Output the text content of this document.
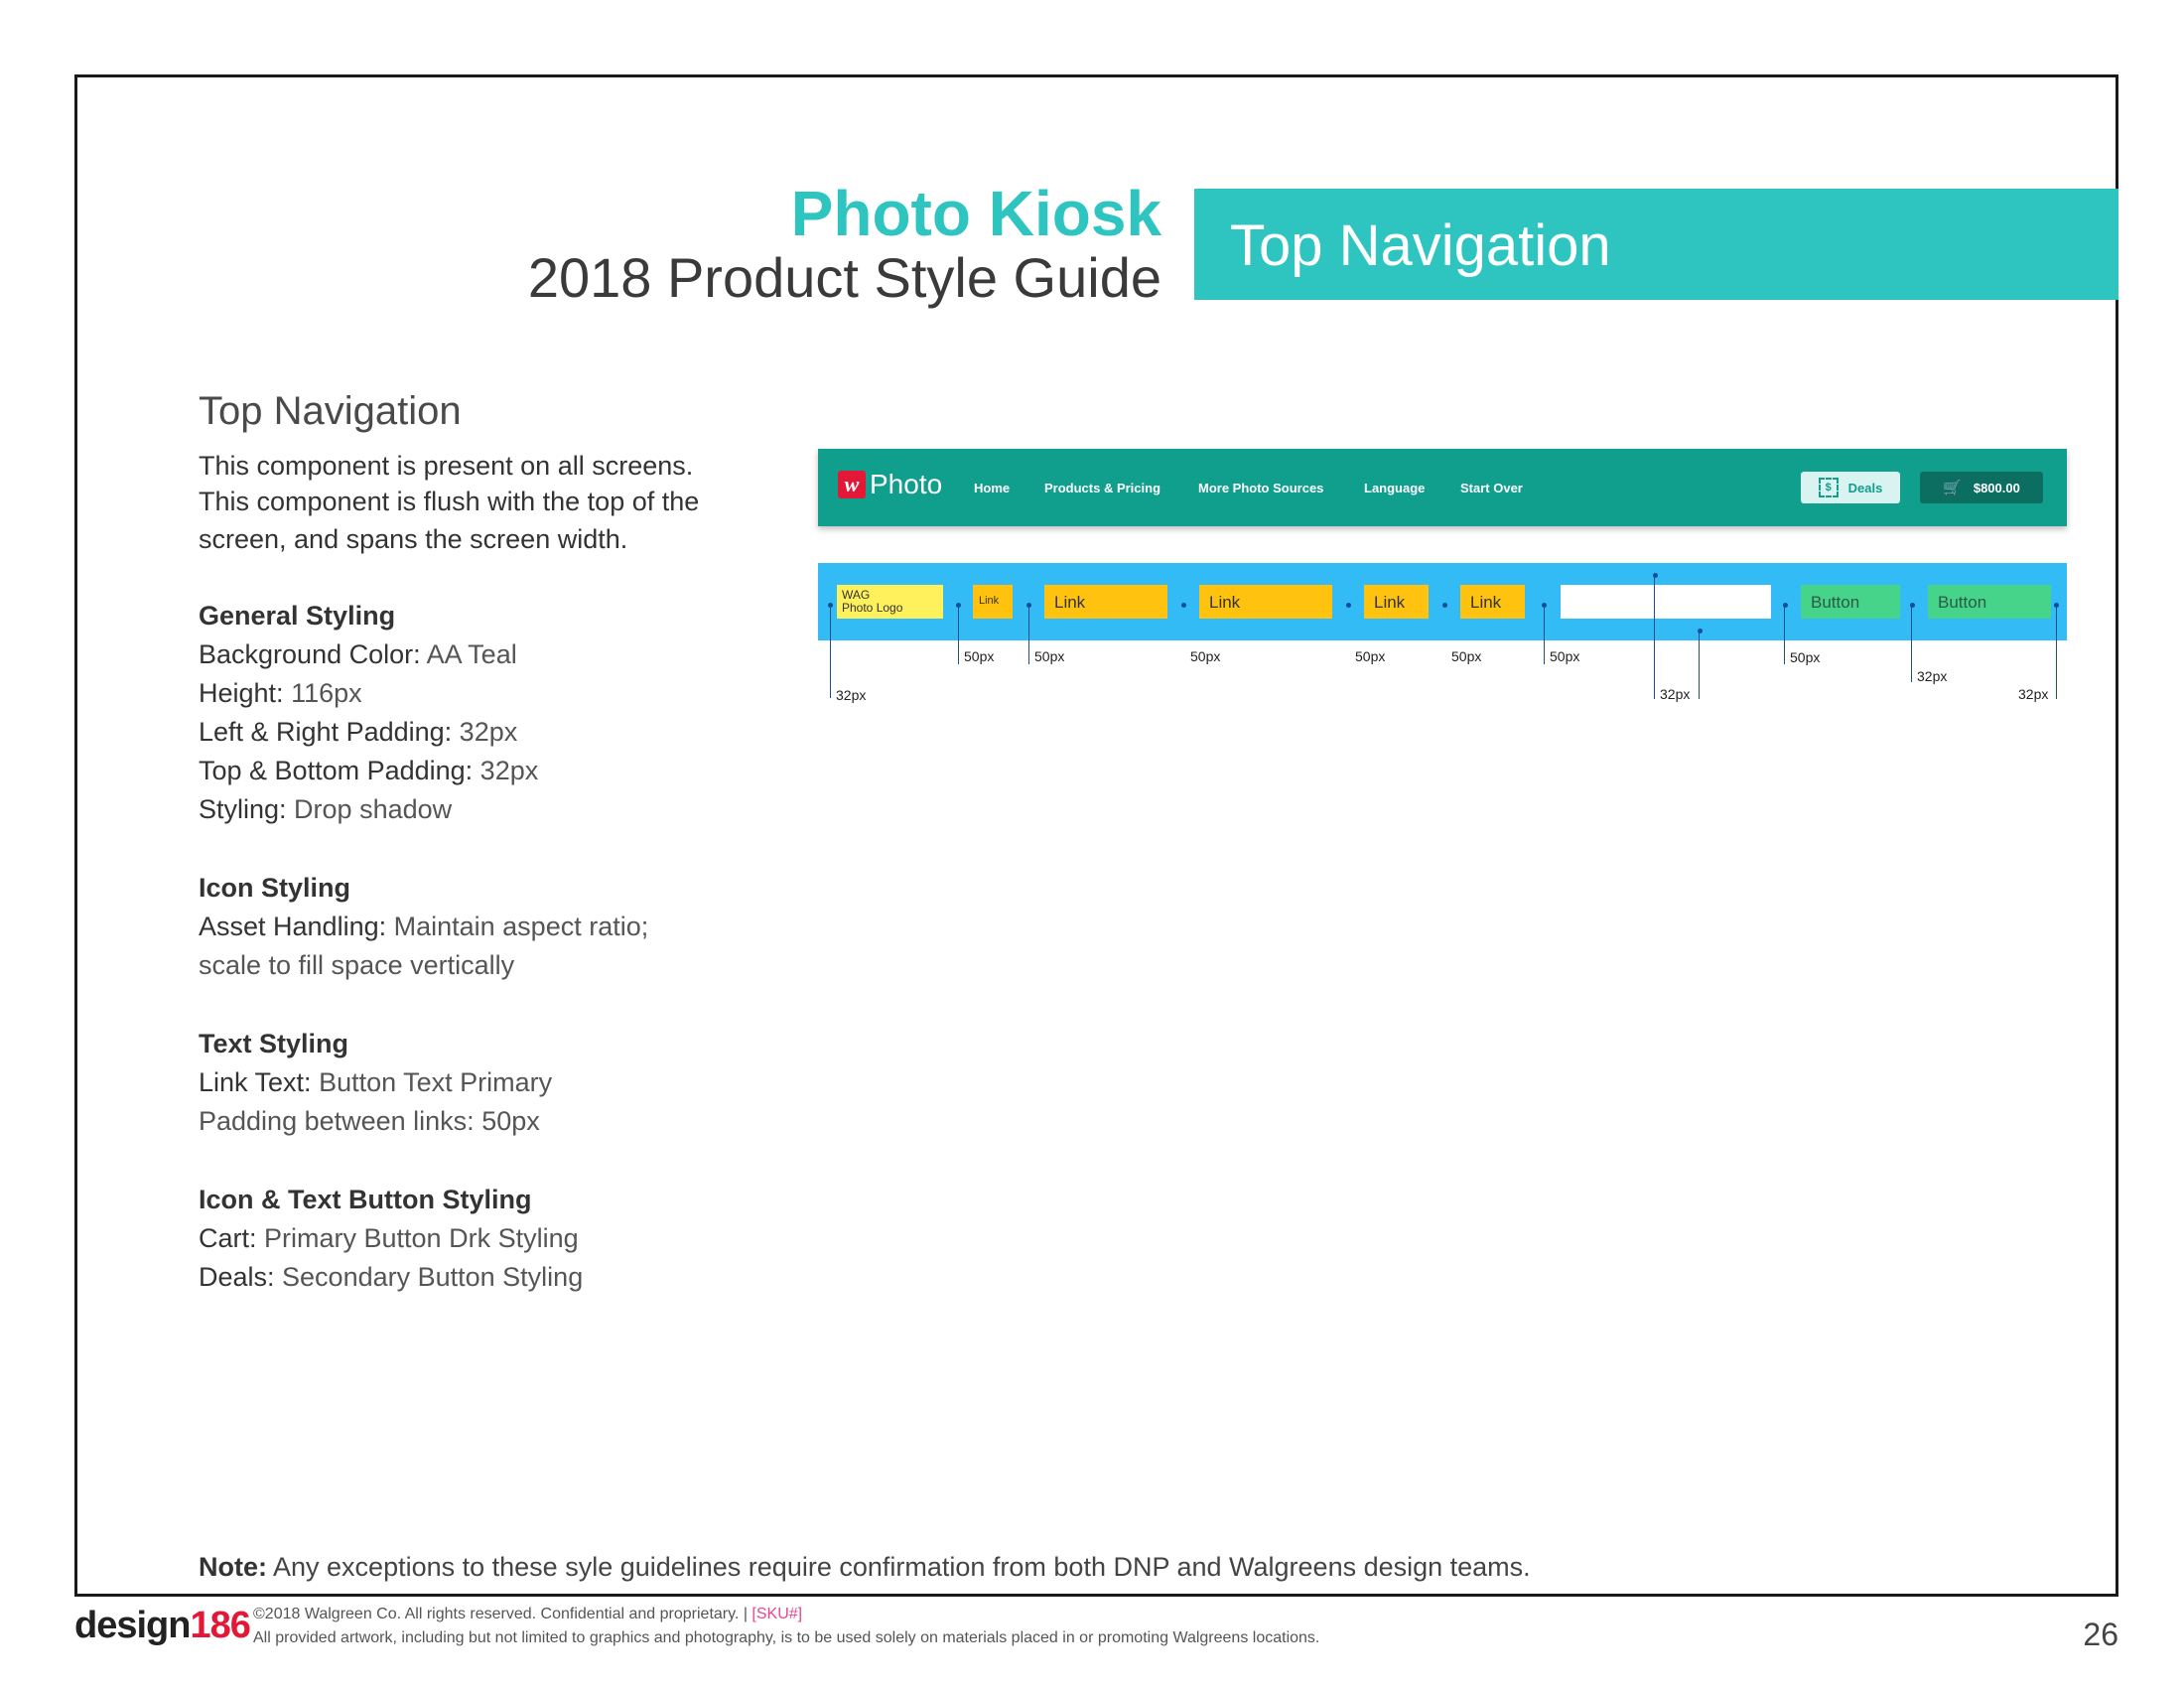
Photo Kiosk
2018 Product Style Guide Top Navigation
Top Navigation
This component is present on all screens.
This component is flush with the top of the
screen, and spans the screen width.
General Styling
Background Color: AA Teal
Height: 116px
Left & Right Padding: 32px
Top & Bottom Padding: 32px
Styling: Drop shadow
Icon Styling
Asset Handling: Maintain aspect ratio;
scale to fill space vertically
Text Styling
Link Text: Button Text Primary
Padding between links: 50px
Icon & Text Button Styling
Cart: Primary Button Drk Styling
Deals: Secondary Button Styling
w Photo Home	Products & Pricing	More Photo Sources	Language	Start Over	$	Deals	🛒 $800.00
WAG
Photo Logo	Link	Link	Link	Link	Link	Button	Button
32px
50px	50px	50px	50px	50px	50px
32px
50px
32px
32px
Note: Any exceptions to these syle guidelines require confirmation from both DNP and Walgreens design teams.
design186 ©2018 Walgreen Co. All rights reserved. Confidential and proprietary. | [SKU#]
All provided artwork, including but not limited to graphics and photography, is to be used solely on materials placed in or promoting Walgreens locations.	26
